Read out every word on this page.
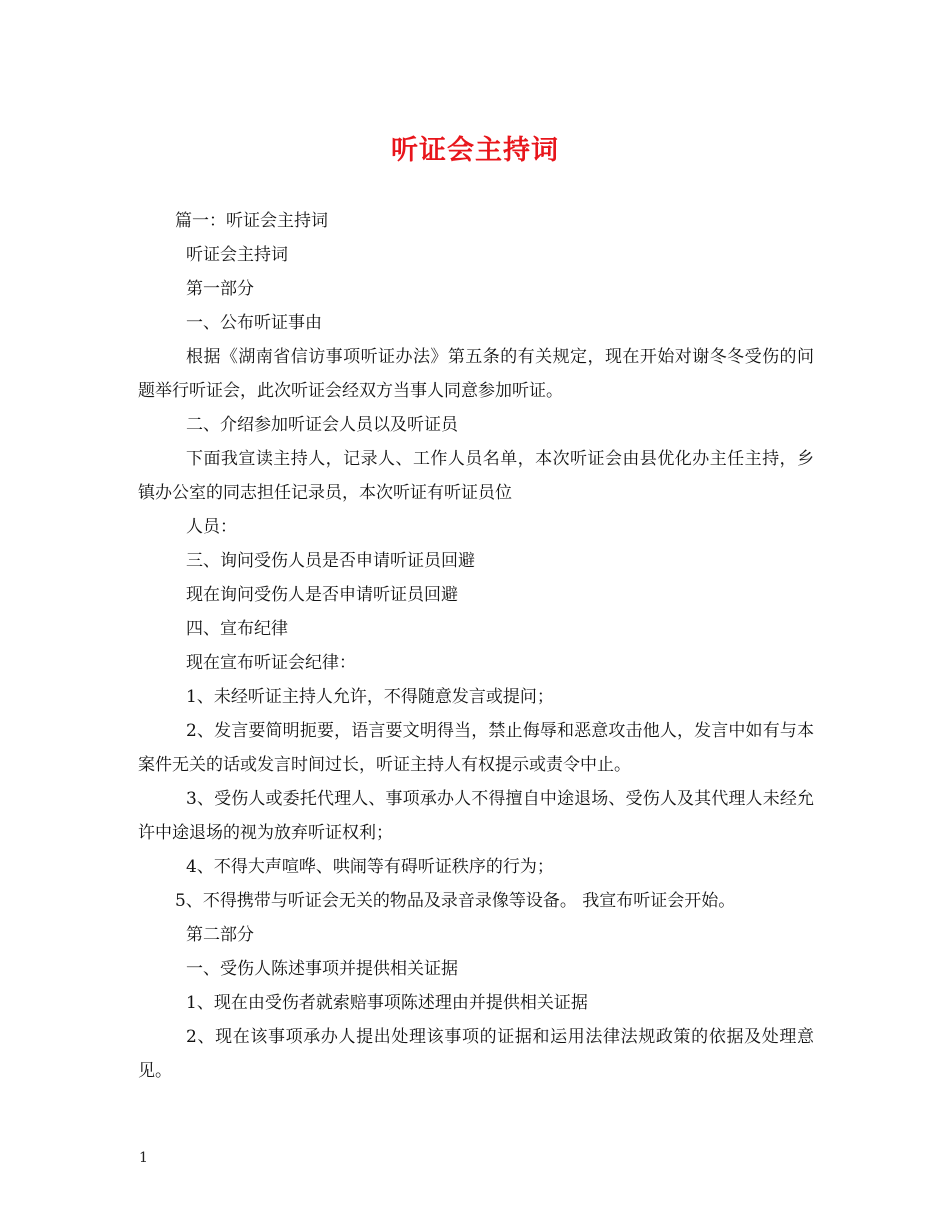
听证会主持词

篇一：听证会主持词

听证会主持词

第一部分

一、公布听证事由

根据《湖南省信访事项听证办法》第五条的有关规定，现在开始对谢冬冬受伤的问题举行听证会，此次听证会经双方当事人同意参加听证。

二、介绍参加听证会人员以及听证员

下面我宣读主持人，记录人、工作人员名单，本次听证会由县优化办主任主持，乡镇办公室的同志担任记录员，本次听证有听证员位

人员：

三、询问受伤人员是否申请听证员回避

现在询问受伤人是否申请听证员回避

四、宣布纪律

现在宣布听证会纪律：

1、未经听证主持人允许，不得随意发言或提问；

2、发言要简明扼要，语言要文明得当，禁止侮辱和恶意攻击他人，发言中如有与本案件无关的话或发言时间过长，听证主持人有权提示或责令中止。

3、受伤人或委托代理人、事项承办人不得擅自中途退场、受伤人及其代理人未经允许中途退场的视为放弃听证权利；

4、不得大声喧哗、哄闹等有碍听证秩序的行为；

5、不得携带与听证会无关的物品及录音录像等设备。 我宣布听证会开始。

第二部分

一、受伤人陈述事项并提供相关证据

1、现在由受伤者就索赔事项陈述理由并提供相关证据

2、现在该事项承办人提出处理该事项的证据和运用法律法规政策的依据及处理意见。

1
